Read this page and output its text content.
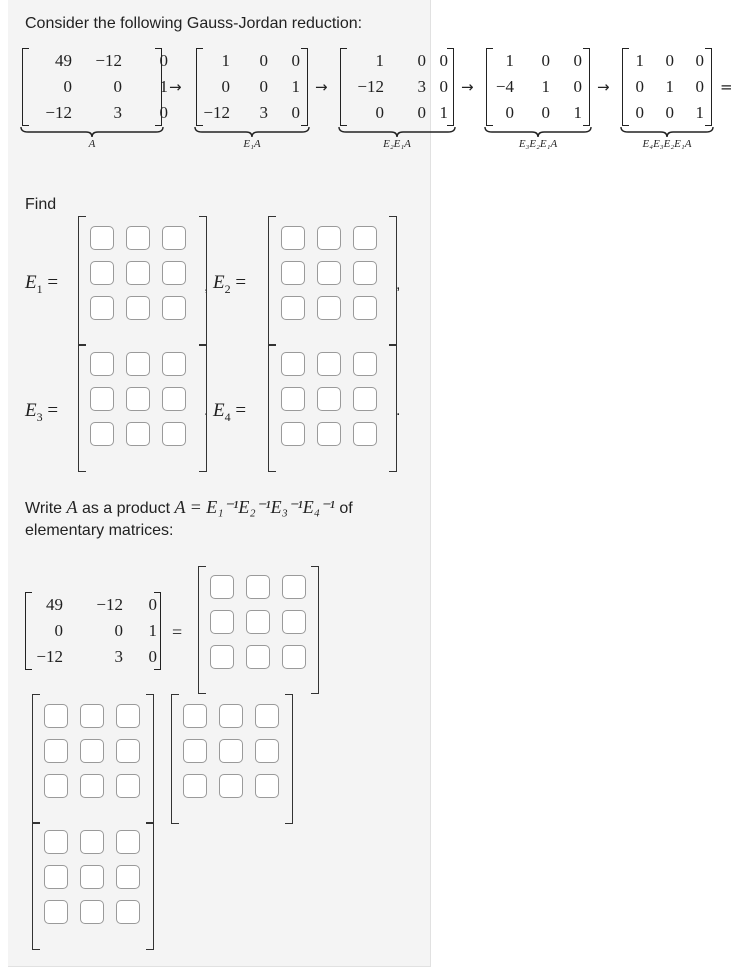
Consider the following Gauss-Jordan reduction:
49 −12 0
0 0 1
−12 3 0
A
→
1 0 0
0 0 1
−12 3 0
E₁A
→
1 0 0
−12 3 0
0 0 1
E₂E₁A
→
1 0 0
−4 1 0
0 0 1
E₃E₂E₁A
→
1 0 0
0 1 0
0 0 1
E₄E₃E₂E₁A
=
Find
$E_1$ =	$E_2$ =
$E_3$ =	$E_4$ =
,	,
.	.
Write A as a product A = E₁⁻¹E₂⁻¹E₃⁻¹E₄⁻¹ of
elementary matrices:
49 −12 0
0	0 1
−12	3 0
=
